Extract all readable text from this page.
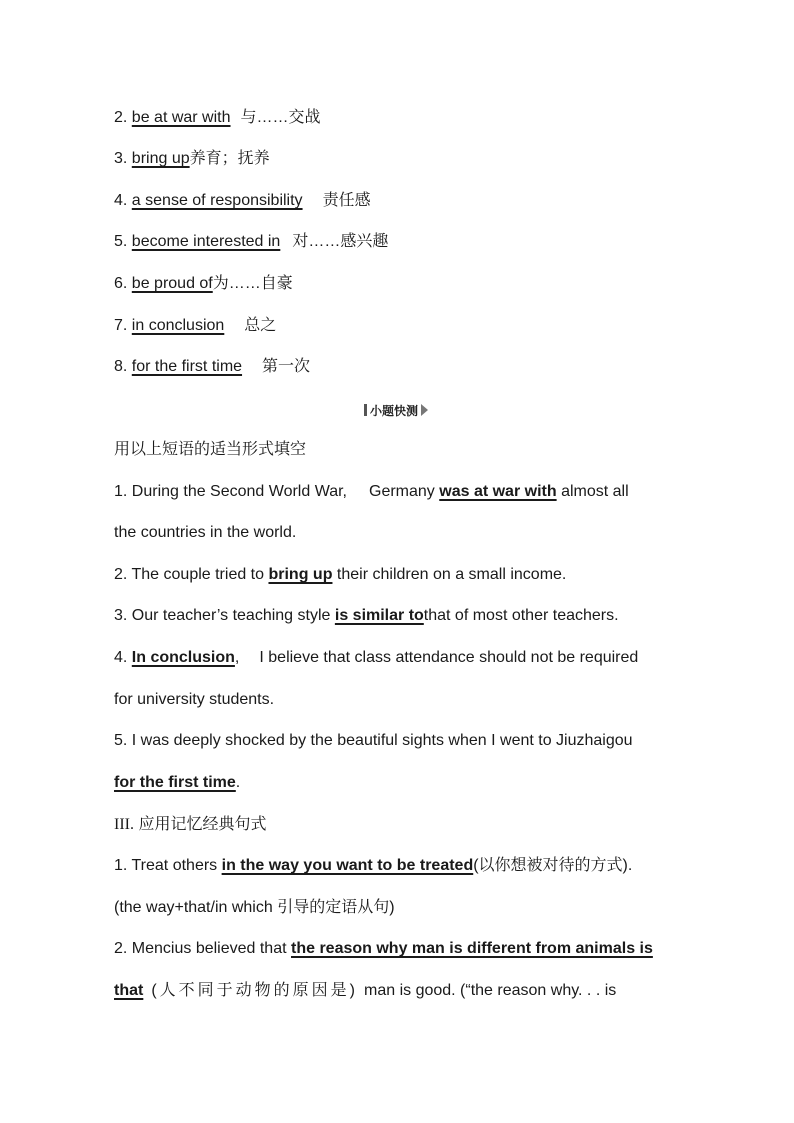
2. be at war with 与……交战
3. bring up养育；抚养
4. a sense of responsibility 责任感
5. become interested in 对……感兴趣
6. be proud of为……自豪
7. in conclusion 总之
8. for the first time 第一次
小题快测
用以上短语的适当形式填空
1. During the Second World War, Germany was at war with almost all
the countries in the world.
2. The couple tried to bring up their children on a small income.
3. Our teacher’s teaching style is similar tothat of most other teachers.
4. In conclusion, I believe that class attendance should not be required
for university students.
5. I was deeply shocked by the beautiful sights when I went to Jiuzhaigou
for the first time.
III. 应用记忆经典句式
1. Treat others in the way you want to be treated(以你想被对待的方式).
(the way+that/in which 引导的定语从句)
2. Mencius believed that the reason why man is different from animals is
that (人不同于动物的原因是) man is good. (“the reason why. . . is
